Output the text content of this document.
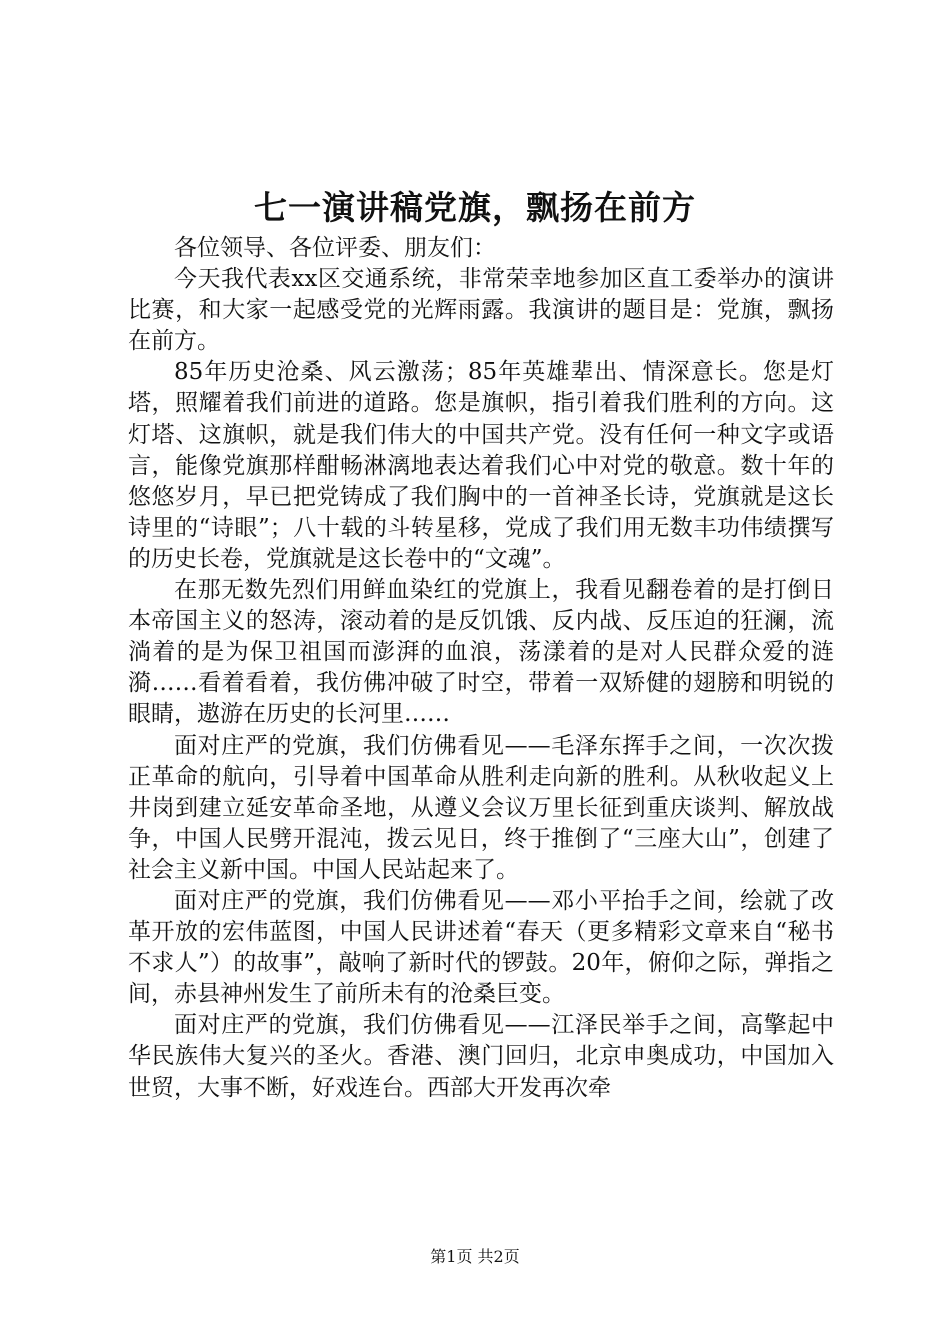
七一演讲稿党旗，飘扬在前方

各位领导、各位评委、朋友们：

今天我代表xx区交通系统，非常荣幸地参加区直工委举办的演讲比赛，和大家一起感受党的光辉雨露。我演讲的题目是：党旗，飘扬在前方。

85年历史沧桑、风云激荡；85年英雄辈出、情深意长。您是灯塔，照耀着我们前进的道路。您是旗帜，指引着我们胜利的方向。这灯塔、这旗帜，就是我们伟大的中国共产党。没有任何一种文字或语言，能像党旗那样酣畅淋漓地表达着我们心中对党的敬意。数十年的悠悠岁月，早已把党铸成了我们胸中的一首神圣长诗，党旗就是这长诗里的“诗眼”；八十载的斗转星移，党成了我们用无数丰功伟绩撰写的历史长卷，党旗就是这长卷中的“文魂”。

在那无数先烈们用鲜血染红的党旗上，我看见翻卷着的是打倒日本帝国主义的怒涛，滚动着的是反饥饿、反内战、反压迫的狂澜，流淌着的是为保卫祖国而澎湃的血浪，荡漾着的是对人民群众爱的涟漪……看着看着，我仿佛冲破了时空，带着一双矫健的翅膀和明锐的眼睛，遨游在历史的长河里……

面对庄严的党旗，我们仿佛看见——毛泽东挥手之间，一次次拨正革命的航向，引导着中国革命从胜利走向新的胜利。从秋收起义上井岗到建立延安革命圣地，从遵义会议万里长征到重庆谈判、解放战争，中国人民劈开混沌，拨云见日，终于推倒了“三座大山”，创建了社会主义新中国。中国人民站起来了。

面对庄严的党旗，我们仿佛看见——邓小平抬手之间，绘就了改革开放的宏伟蓝图，中国人民讲述着“春天（更多精彩文章来自“秘书不求人”）的故事”，敲响了新时代的锣鼓。20年，俯仰之际，弹指之间，赤县神州发生了前所未有的沧桑巨变。

面对庄严的党旗，我们仿佛看见——江泽民举手之间，高擎起中华民族伟大复兴的圣火。香港、澳门回归，北京申奥成功，中国加入世贸，大事不断，好戏连台。西部大开发再次牵

第1页 共2页
